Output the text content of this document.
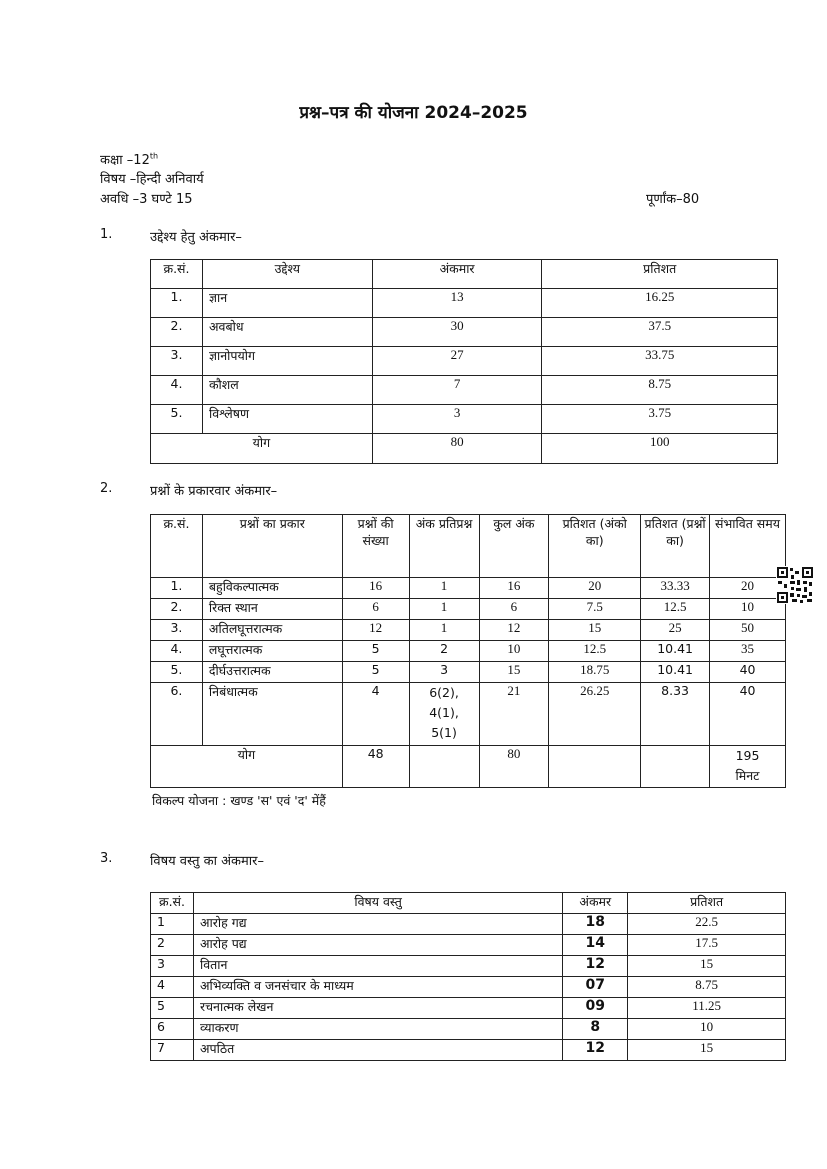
प्रश्न–पत्र की योजना 2024–2025
कक्षा –12th
विषय –हिन्दी अनिवार्य
अवधि –3 घण्टे 15	पूर्णांक–80
1.	उद्देश्य हेतु अंकमार–
क्र.सं.	उद्देश्य	अंकमार	प्रतिशत
1.	ज्ञान	13	16.25
2.	अवबोध	30	37.5
3.	ज्ञानोपयोग	27	33.75
4.	कौशल	7	8.75
5.	विश्लेषण	3	3.75
योग		80	100
2.	प्रश्नों के प्रकारवार अंकमार–
क्र.सं.	प्रश्नों का प्रकार	प्रश्नों की संख्या	अंक प्रतिप्रश्न	कुल अंक	प्रतिशत (अंको का)	प्रतिशत (प्रश्नों का)	संभावित समय
1.	बहुविकल्पात्मक	16	1	16	20	33.33	20
2.	रिक्त स्थान	6	1	6	7.5	12.5	10
3.	अतिलघूत्तरात्मक	12	1	12	15	25	50
4.	लघूत्तरात्मक	5	2	10	12.5	10.41	35
5.	दीर्घउत्तरात्मक	5	3	15	18.75	10.41	40
6.	निबंधात्मक	4	6(2), 4(1), 5(1)	21	26.25	8.33	40
योग		48		80			195 मिनट
विकल्प योजना : खण्ड 'स' एवं 'द' मेंहैं
3.	विषय वस्तु का अंकमार–
क्र.सं.	विषय वस्तु	अंकमर	प्रतिशत
1	आरोह गद्य	18	22.5
2	आरोह पद्य	14	17.5
3	वितान	12	15
4	अभिव्यक्ति व जनसंचार के माध्यम	07	8.75
5	रचनात्मक लेखन	09	11.25
6	व्याकरण	8	10
7	अपठित	12	15
